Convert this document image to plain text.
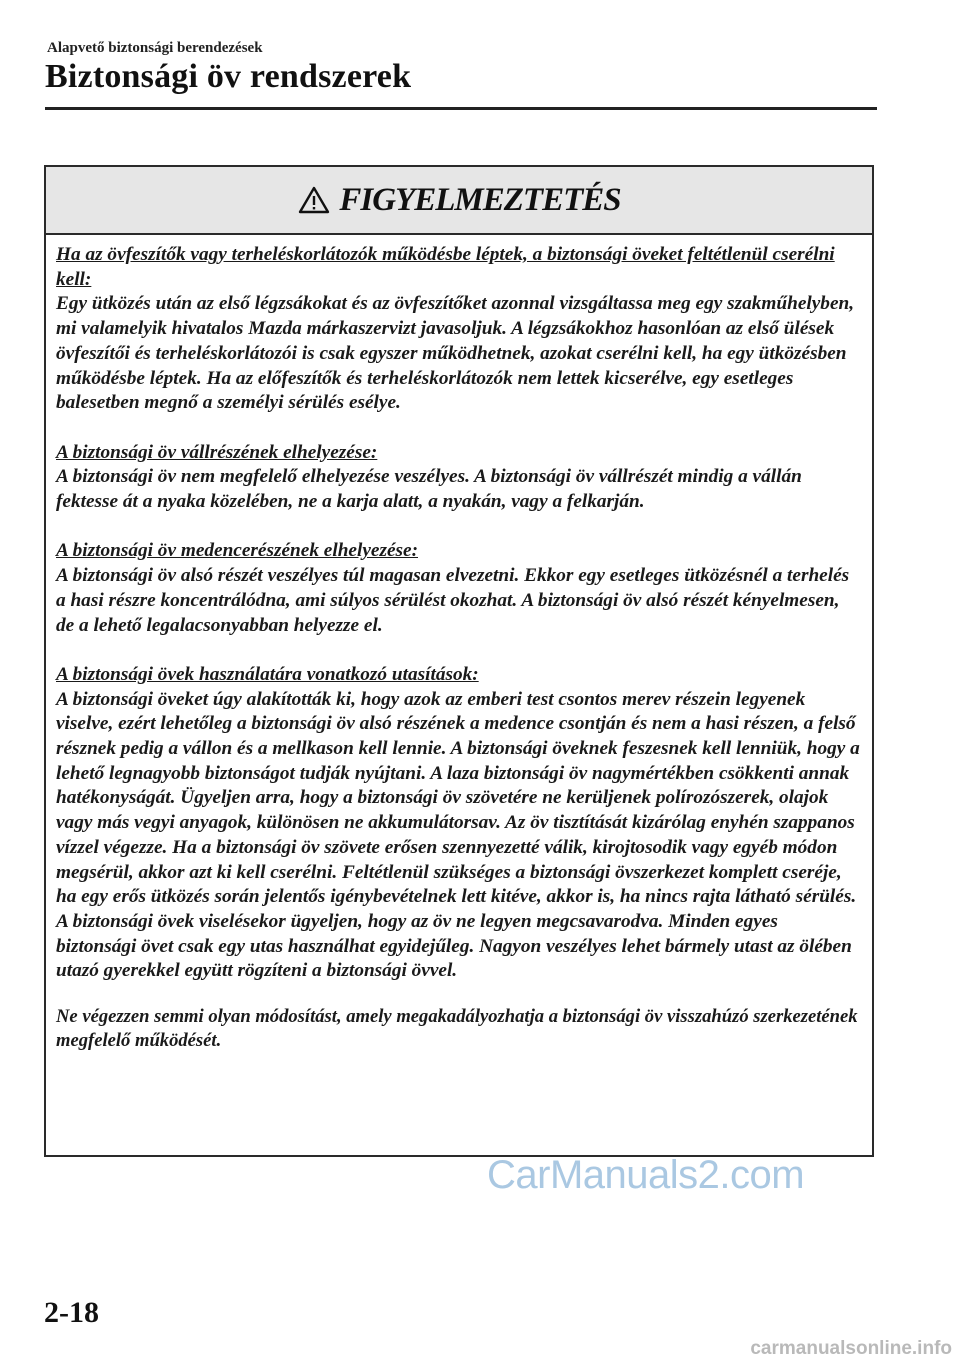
Alapvető biztonsági berendezések
Biztonsági öv rendszerek
FIGYELMEZTETÉS

Ha az övfeszítők vagy terheléskorlátozók működésbe léptek, a biztonsági öveket feltétlenül cserélni kell:

Egy ütközés után az első légzsákokat és az övfeszítőket azonnal vizsgáltassa meg egy szakműhelyben, mi valamelyik hivatalos Mazda márkaszervizt javasoljuk. A légzsákokhoz hasonlóan az első ülések övfeszítői és terheléskorlátozói is csak egyszer működhetnek, azokat cserélni kell, ha egy ütközésben működésbe léptek. Ha az előfeszítők és terheléskorlátozók nem lettek kicserélve, egy esetleges balesetben megnő a személyi sérülés esélye.

A biztonsági öv vállrészének elhelyezése:

A biztonsági öv nem megfelelő elhelyezése veszélyes. A biztonsági öv vállrészét mindig a vállán fektesse át a nyaka közelében, ne a karja alatt, a nyakán, vagy a felkarján.

A biztonsági öv medencerészének elhelyezése:

A biztonsági öv alsó részét veszélyes túl magasan elvezetni. Ekkor egy esetleges ütközésnél a terhelés a hasi részre koncentrálódna, ami súlyos sérülést okozhat. A biztonsági öv alsó részét kényelmesen, de a lehető legalacsonyabban helyezze el.

A biztonsági övek használatára vonatkozó utasítások:

A biztonsági öveket úgy alakították ki, hogy azok az emberi test csontos merev részein legyenek viselve, ezért lehetőleg a biztonsági öv alsó részének a medence csontján és nem a hasi részen, a felső résznek pedig a vállon és a mellkason kell lennie. A biztonsági öveknek feszesnek kell lenniük, hogy a lehető legnagyobb biztonságot tudják nyújtani. A laza biztonsági öv nagymértékben csökkenti annak hatékonyságát. Ügyeljen arra, hogy a biztonsági öv szövetére ne kerüljenek polírozószerek, olajok vagy más vegyi anyagok, különösen ne akkumulátorsav. Az öv tisztítását kizárólag enyhén szappanos vízzel végezze. Ha a biztonsági öv szövete erősen szennyezetté válik, kirojtosodik vagy egyéb módon megsérül, akkor azt ki kell cserélni. Feltétlenül szükséges a biztonsági övszerkezet komplett cseréje, ha egy erős ütközés során jelentős igénybevételnek lett kitéve, akkor is, ha nincs rajta látható sérülés. A biztonsági övek viselésekor ügyeljen, hogy az öv ne legyen megcsavarodva. Minden egyes biztonsági övet csak egy utas használhat egyidejűleg. Nagyon veszélyes lehet bármely utast az ölében utazó gyerekkel együtt rögzíteni a biztonsági övvel.

Ne végezzen semmi olyan módosítást, amely megakadályozhatja a biztonsági öv visszahúzó szerkezetének megfelelő működését.

CarManuals2.com
2-18
carmanualsonline.info
